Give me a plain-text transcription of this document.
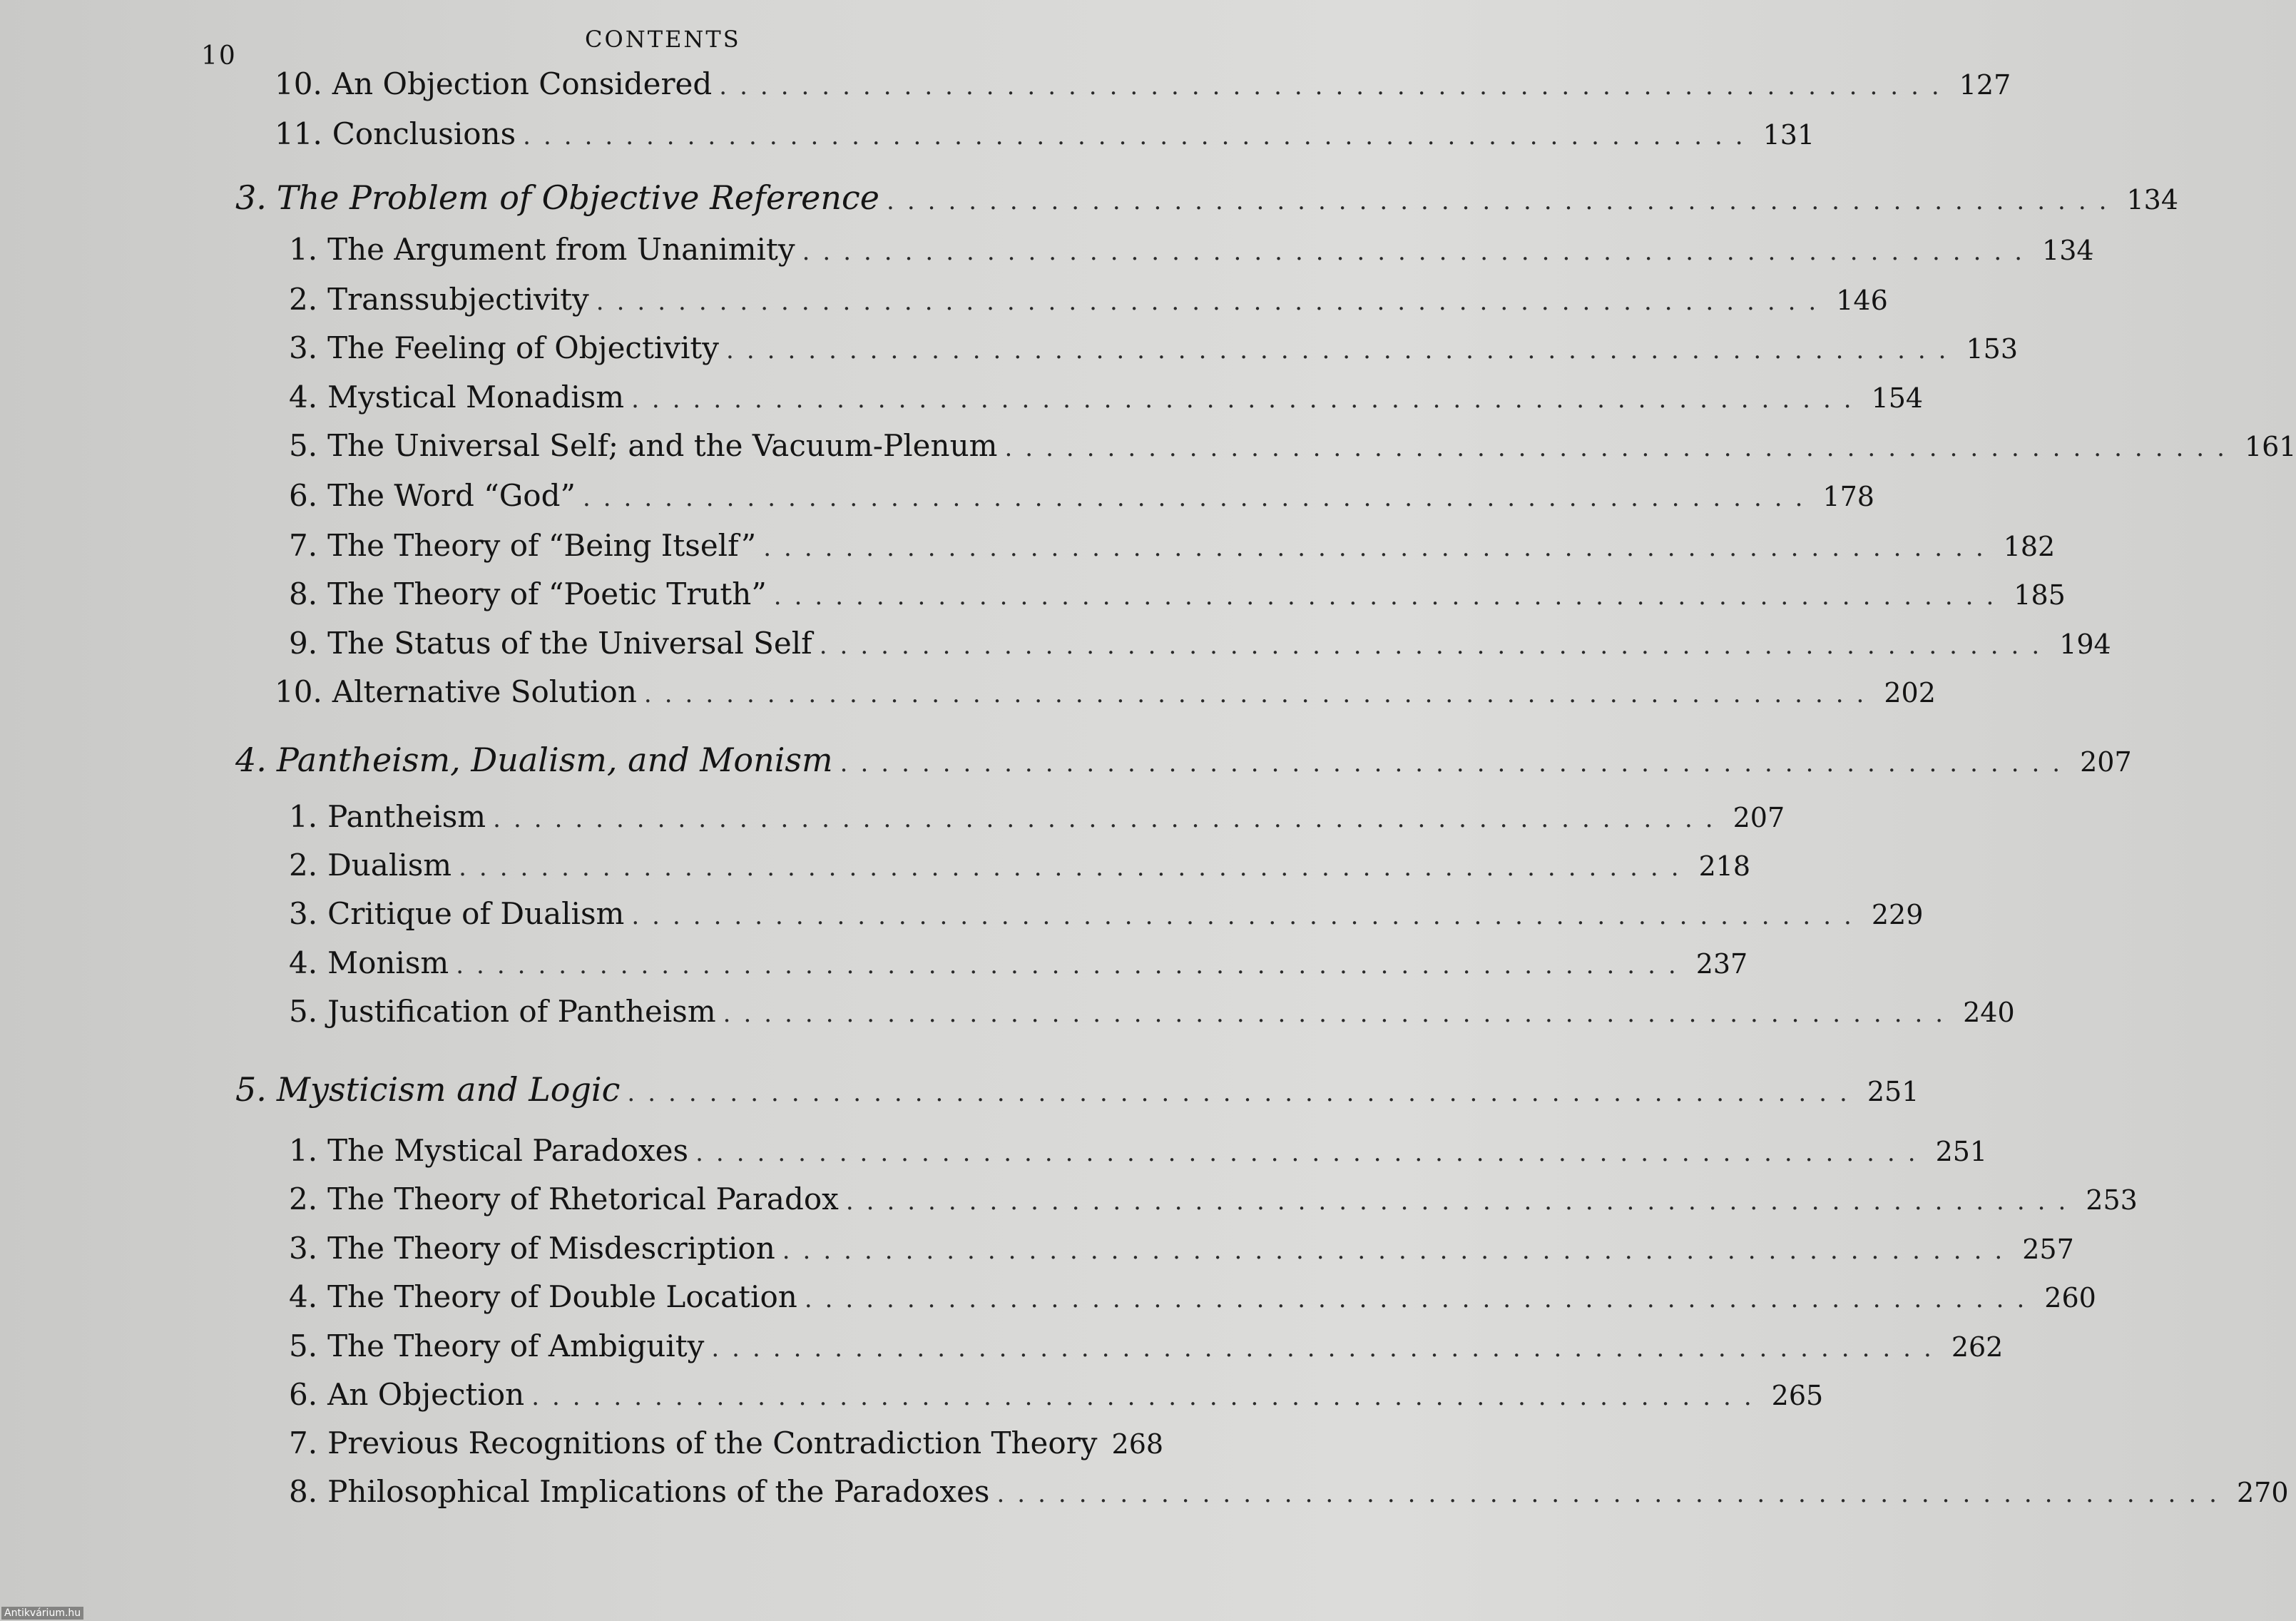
10
CONTENTS
10. An Objection Considered ............................................................ 127
11. Conclusions ............................................................ 131
3. The Problem of Objective Reference ............................................................ 134
1. The Argument from Unanimity ............................................................ 134
2. Transsubjectivity ............................................................ 146
3. The Feeling of Objectivity ............................................................ 153
4. Mystical Monadism ............................................................ 154
5. The Universal Self; and the Vacuum-Plenum ............................................................ 161
6. The Word “God” ............................................................ 178
7. The Theory of “Being Itself” ............................................................ 182
8. The Theory of “Poetic Truth” ............................................................ 185
9. The Status of the Universal Self ............................................................ 194
10. Alternative Solution ............................................................ 202
4. Pantheism, Dualism, and Monism ............................................................ 207
1. Pantheism ............................................................ 207
2. Dualism ............................................................ 218
3. Critique of Dualism ............................................................ 229
4. Monism ............................................................ 237
5. Justification of Pantheism ............................................................ 240
5. Mysticism and Logic ............................................................ 251
1. The Mystical Paradoxes ............................................................ 251
2. The Theory of Rhetorical Paradox ............................................................ 253
3. The Theory of Misdescription ............................................................ 257
4. The Theory of Double Location ............................................................ 260
5. The Theory of Ambiguity ............................................................ 262
6. An Objection ............................................................ 265
7. Previous Recognitions of the Contradiction Theory 268
8. Philosophical Implications of the Paradoxes ............................................................ 270
Antikvárium.hu
